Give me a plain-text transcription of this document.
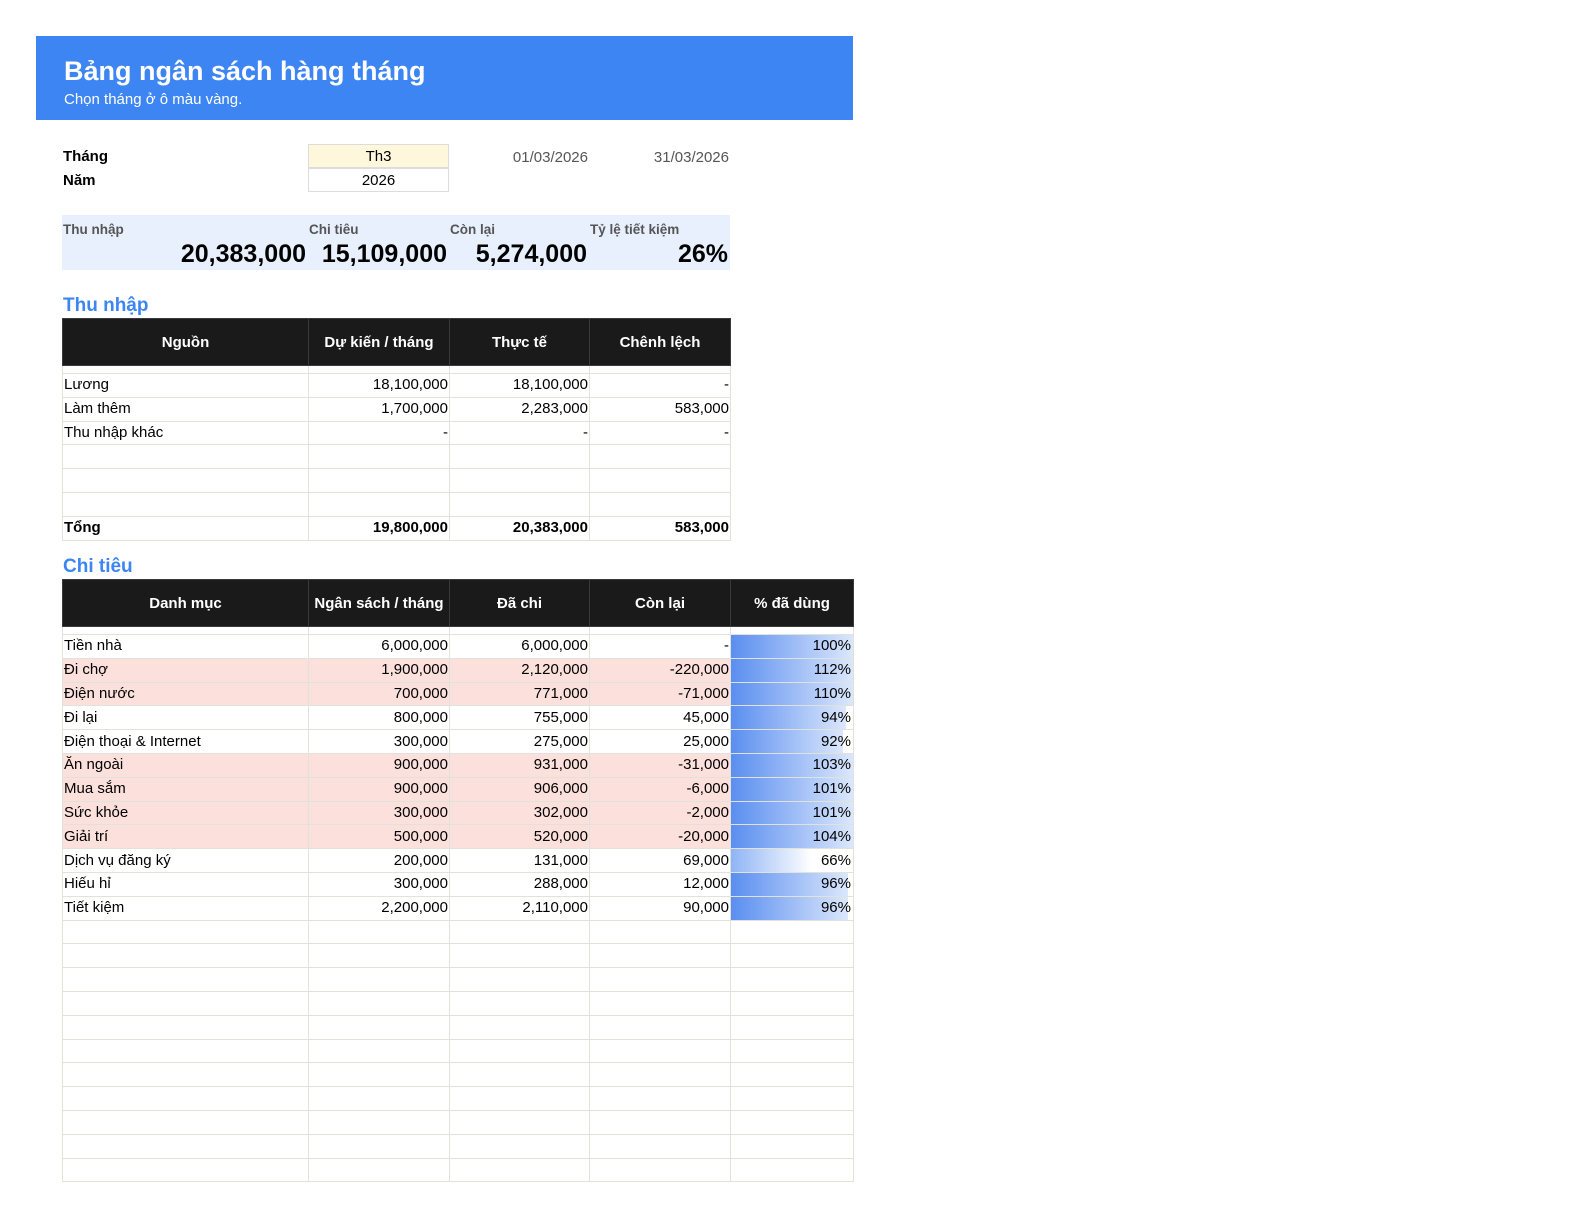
Bảng ngân sách hàng tháng
Chọn tháng ở ô màu vàng.
Tháng	Th3	01/03/2026	31/03/2026
Năm	2026
Thu nhập
20,383,000
Chi tiêu
15,109,000
Còn lại
5,274,000
Tỷ lệ tiết kiệm
26%
Thu nhập
Nguồn	Dự kiến / tháng	Thực tế	Chênh lệch

Lương	18,100,000	18,100,000	-
Làm thêm	1,700,000	2,283,000	583,000
Thu nhập khác	-	-	-

Tổng	19,800,000	20,383,000	583,000
Chi tiêu
Danh mục	Ngân sách / tháng	Đã chi	Còn lại	% đã dùng

Tiền nhà	6,000,000	6,000,000	-	100%

Đi chợ	1,900,000	2,120,000	-220,000	112%

Điện nước	700,000	771,000	-71,000	110%

Đi lại	800,000	755,000	45,000	94%

Điện thoại & Internet	300,000	275,000	25,000	92%

Ăn ngoài	900,000	931,000	-31,000	103%

Mua sắm	900,000	906,000	-6,000	101%

Sức khỏe	300,000	302,000	-2,000	101%

Giải trí	500,000	520,000	-20,000	104%

Dịch vụ đăng ký	200,000	131,000	69,000	66%

Hiếu hỉ	300,000	288,000	12,000	96%

Tiết kiệm	2,200,000	2,110,000	90,000	96%
